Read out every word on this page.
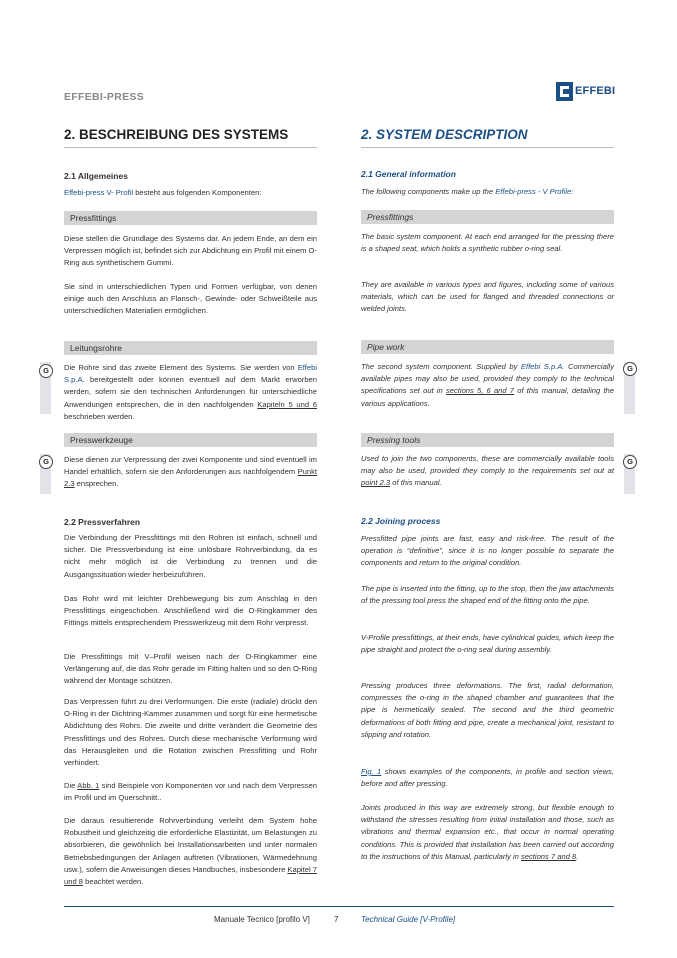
EFFEBI-PRESS	EFFEBI
2. BESCHREIBUNG DES SYSTEMS
2.1 Allgemeines
Effebi-press V- Profil besteht aus folgenden Komponenten:
Pressfittings
Diese stellen die Grundlage des Systems dar. An jedem Ende, an dem ein Verpressen möglich ist, befindet sich zur Abdichtung ein Profil mit einem O-Ring aus synthetischem Gummi.
Sie sind in unterschiedlichen Typen und Formen verfügbar, von denen einige auch den Anschluss an Flansch-, Gewinde- oder Schweißteile aus unterschiedlichen Materialien ermöglichen.
Leitungsrohre
Die Rohre sind das zweite Element des Systems. Sie werden von Effebi S.p.A. bereitgestellt oder können eventuell auf dem Markt erworben werden, sofern sie den technischen Anforderungen für unterschiedliche Anwendungen entsprechen, die in den nachfolgenden Kapiteln 5 und 6 beschrieben werden.
Presswerkzeuge
Diese dienen zur Verpressung der zwei Komponente und sind eventuell im Handel erhältlich, sofern sie den Anforderungen aus nachfolgendem Punkt 2.3 ensprechen.
2.2 Pressverfahren
Die Verbindung der Pressfittings mit den Rohren ist einfach, schnell und sicher. Die Pressverbindung ist eine unlösbare Rohrverbindung, da es nicht mehr möglich ist die Verbindung zu trennen und die Ausgangssituation wieder herbeizuführen.
Das Rohr wird mit leichter Drehbewegung bis zum Anschlag in den Pressfittings eingeschoben. Anschließend wird die O-Ringkammer des Fittings mittels entsprechendem Presswerkzeug mit dem Rohr verpresst.
Die Pressfittings mit V–Profil weisen nach der O-Ringkammer eine Verlängerung auf, die das Rohr gerade im Fitting halten und so den O-Ring während der Montage schützen.
Das Verpressen führt zu drei Verformungen. Die erste (radiale) drückt den O-Ring in der Dichtring-Kammer zusammen und sorgt für eine hermetische Abdichtung des Rohrs. Die zweite und dritte verändert die Geometrie des Pressfittings und des Rohres. Durch diese mechanische Verformung wird das Herausgleiten und die Rotation zwischen Pressfitting und Rohr verhindert.
Die Abb. 1 sind Beispiele von Komponenten vor und nach dem Verpressen im Profil und im Querschnitt..
Die daraus resultierende Rohrverbindung verleiht dem System hohe Robustheit und gleichzeitig die erforderliche Elastizität, um Belastungen zu absorbieren, die gewöhnlich bei Installationsarbeiten und unter normalen Betriebsbedingungen der Anlagen auftreten (Vibrationen, Wärmedehnung usw.), sofern die Anweisungen dieses Handbuches, insbesondere Kapitel 7 und 8 beachtet werden.
2. SYSTEM DESCRIPTION
2.1 General information
The following components make up the Effebi-press - V Profile:
Pressfittings
The basic system component. At each end arranged for the pressing there is a shaped seat, which holds a synthetic rubber o-ring seal.
They are available in various types and figures, including some of various materials, which can be used for flanged and threaded connections or welded joints.
Pipe work
The second system component. Supplied by Effebi S.p.A. Commercially available pipes may also be used, provided they comply to the technical specifications set out in sections 5, 6 and 7 of this manual, detailing the various applications.
Pressing tools
Used to join the two components, these are commercially available tools may also be used, provided they comply to the requirements set out at point 2.3 of this manual.
2.2 Joining process
Pressfitted pipe joints are fast, easy and risk-free. The result of the operation is “definitive”, since it is no longer possible to separate the components and return to the original condition.
The pipe is inserted into the fitting, up to the stop, then the jaw attachments of the pressing tool press the shaped end of the fitting onto the pipe.
V-Profile pressfittings, at their ends, have cylindrical guides, which keep the pipe straight and protect the o-ring seal during assembly.
Pressing produces three deformations. The first, radial deformation, compresses the o-ring in the shaped chamber and guarantees that the pipe is hermetically sealed. The second and the third geometric deformations of both fitting and pipe, create a mechanical joint, resistant to slipping and rotation.
Fig. 1 shows examples of the components, in profile and section views, before and after pressing.
Joints produced in this way are extremely strong, but flexible enough to withstand the stresses resulting from initial installation and those, such as vibrations and thermal expansion etc., that occur in normal operating conditions. This is provided that installation has been carried out according to the instructions of this Manual, particularly in sections 7 and 8.
G
G
G
G
Manuale Tecnico [profilo V]	7	Technical Guide [V-Profile]
